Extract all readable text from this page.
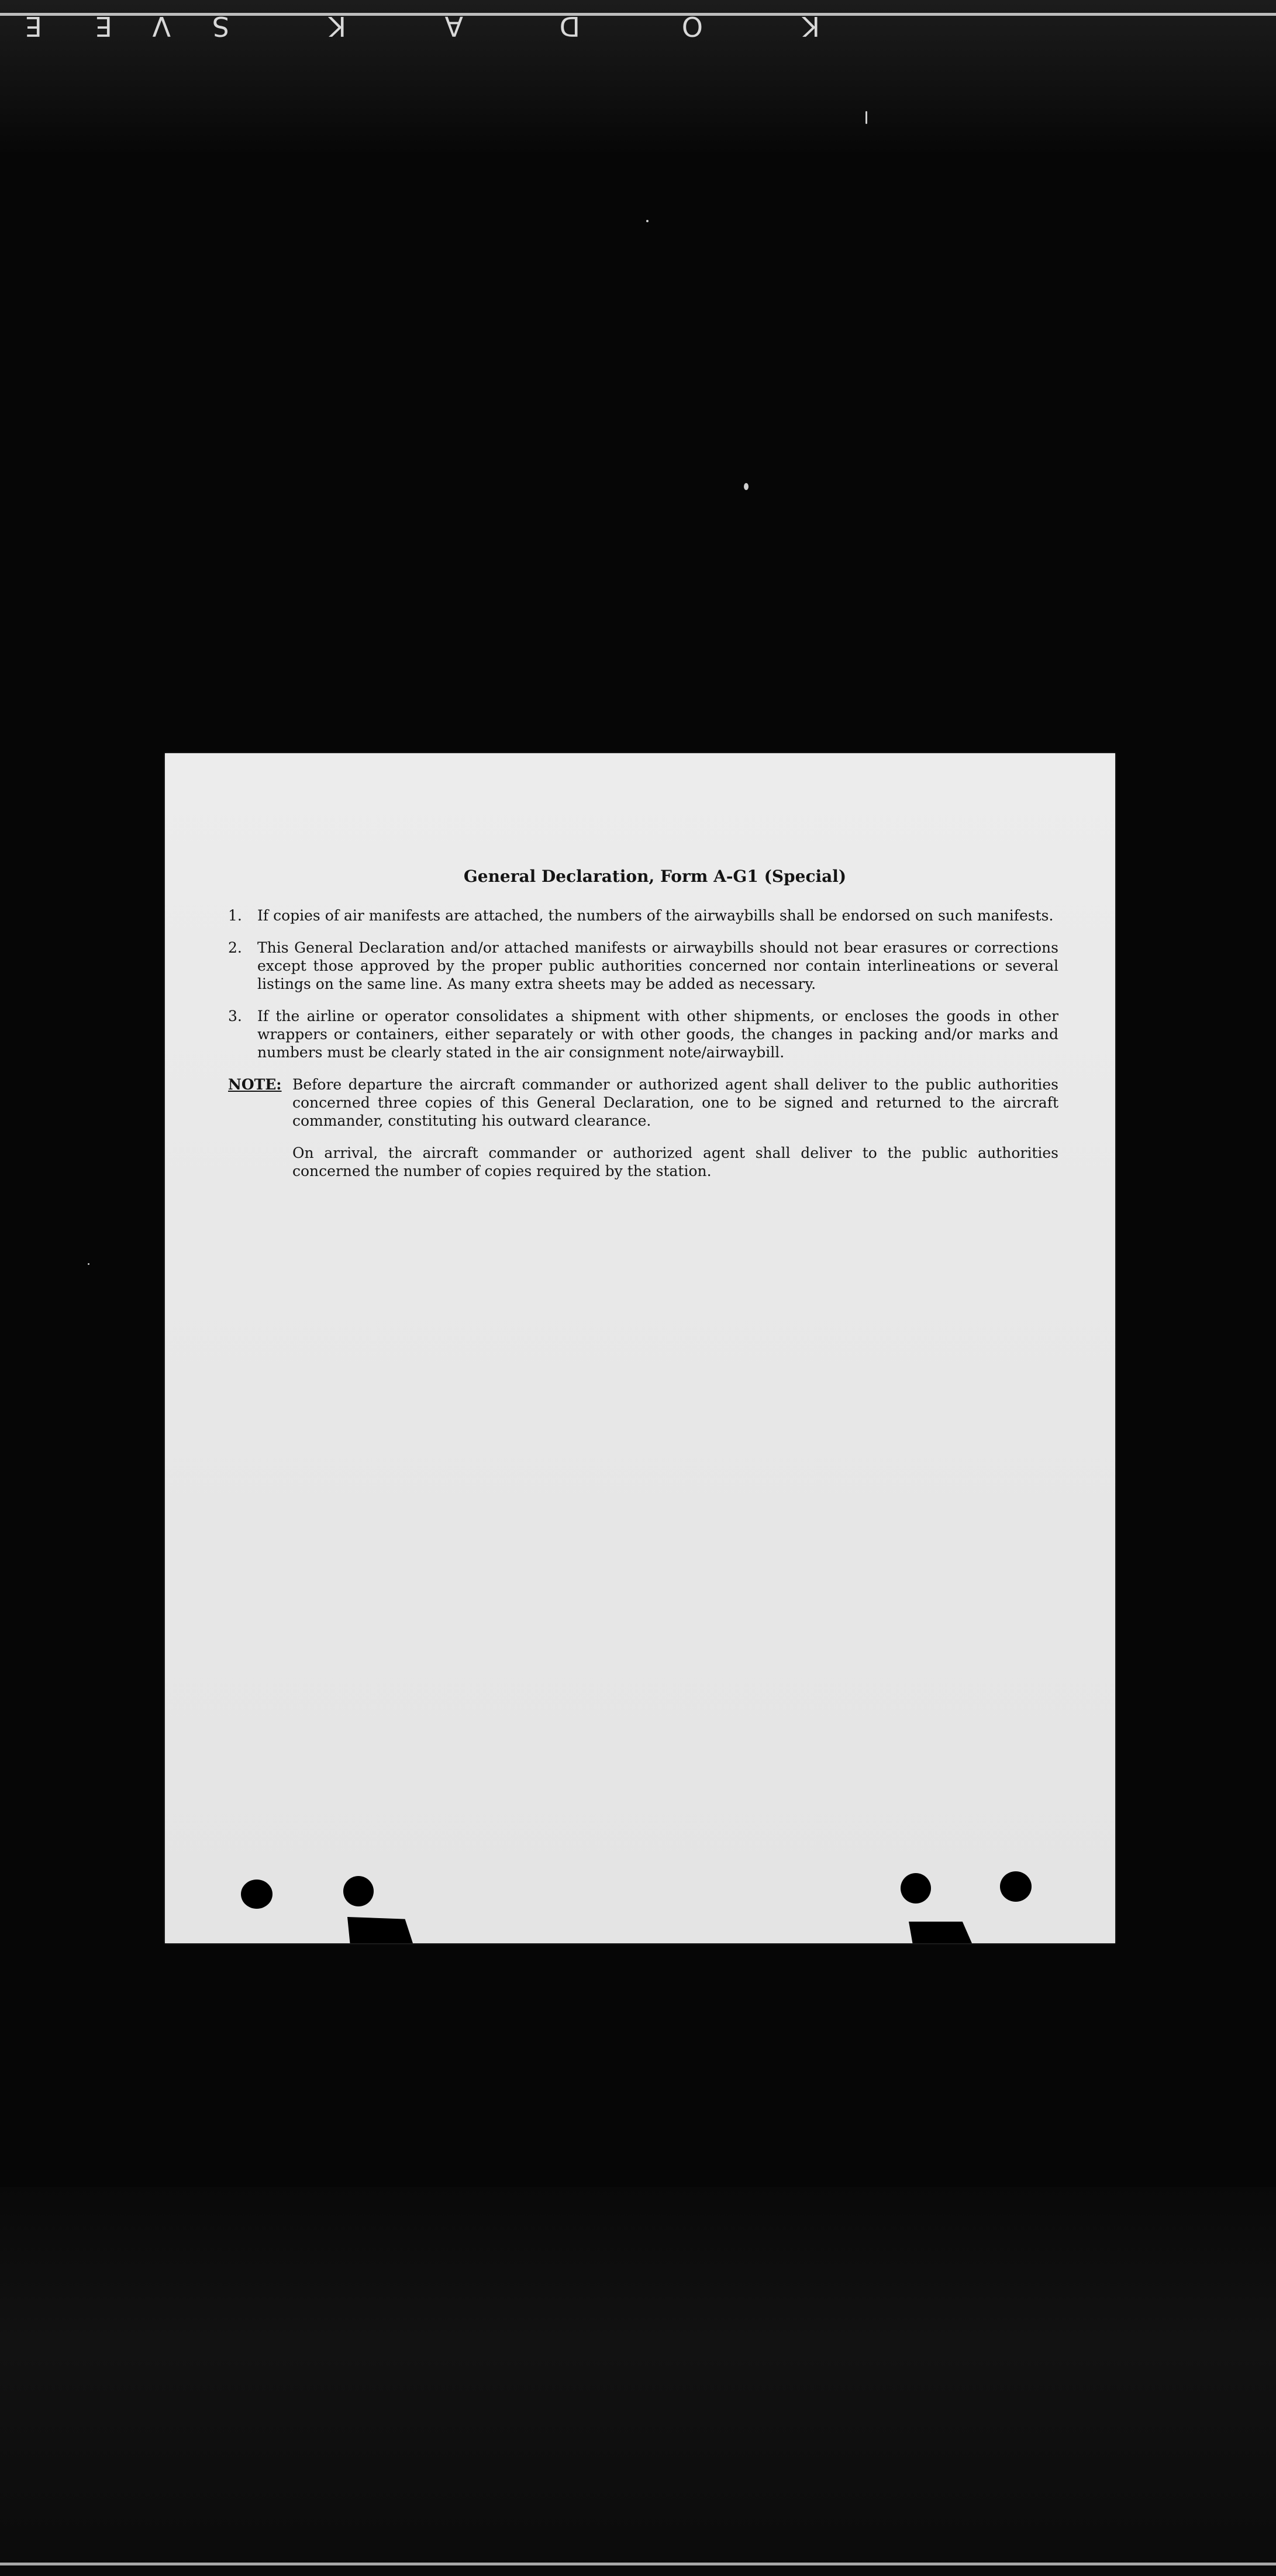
K

O

D

A

K

S

V

E

E

General Declaration, Form A-G1 (Special)
1.	If copies of air manifests are attached, the numbers of the airwaybills shall be endorsed on such manifests.
2.	This General Declaration and/or attached manifests or airwaybills should not bear erasures or corrections except those approved by the proper public authorities concerned nor contain interlineations or several listings on the same line. As many extra sheets may be added as necessary.
3.	If the airline or operator consolidates a shipment with other shipments, or encloses the goods in other wrappers or containers, either separately or with other goods, the changes in packing and/or marks and numbers must be clearly stated in the air consignment note/airwaybill.
NOTE: Before departure the aircraft commander or authorized agent shall deliver to the public authorities concerned three copies of this General Declaration, one to be signed and returned to the aircraft commander, constituting his outward clearance.

On arrival, the aircraft commander or authorized agent shall deliver to the public authorities concerned the number of copies required by the station.
